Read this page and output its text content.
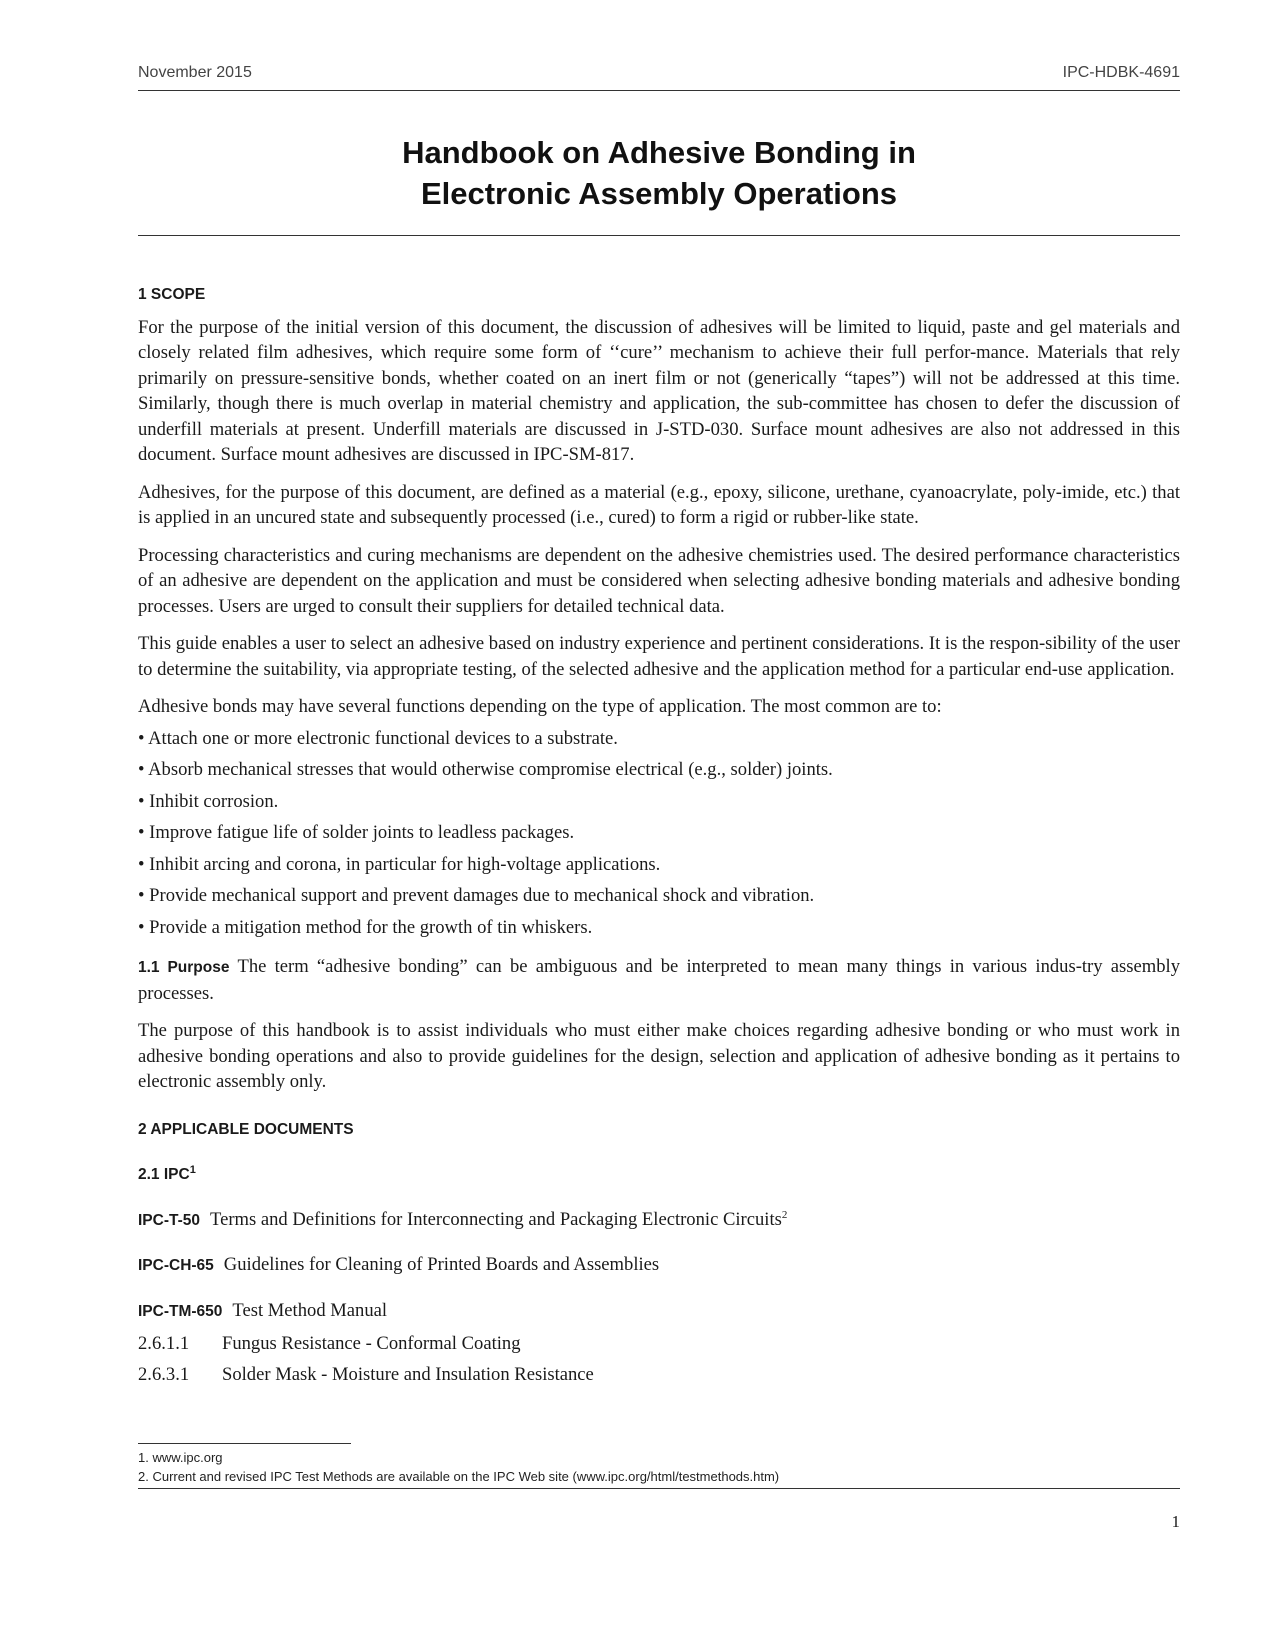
November 2015	IPC-HDBK-4691
Handbook on Adhesive Bonding in
Electronic Assembly Operations
1 SCOPE

For the purpose of the initial version of this document, the discussion of adhesives will be limited to liquid, paste and gel materials and closely related film adhesives, which require some form of ‘‘cure’’ mechanism to achieve their full perfor-mance. Materials that rely primarily on pressure-sensitive bonds, whether coated on an inert film or not (generically “tapes”) will not be addressed at this time. Similarly, though there is much overlap in material chemistry and application, the sub-committee has chosen to defer the discussion of underfill materials at present. Underfill materials are discussed in J-STD-030. Surface mount adhesives are also not addressed in this document. Surface mount adhesives are discussed in IPC-SM-817.

Adhesives, for the purpose of this document, are defined as a material (e.g., epoxy, silicone, urethane, cyanoacrylate, poly-imide, etc.) that is applied in an uncured state and subsequently processed (i.e., cured) to form a rigid or rubber-like state.

Processing characteristics and curing mechanisms are dependent on the adhesive chemistries used. The desired performance characteristics of an adhesive are dependent on the application and must be considered when selecting adhesive bonding materials and adhesive bonding processes. Users are urged to consult their suppliers for detailed technical data.

This guide enables a user to select an adhesive based on industry experience and pertinent considerations. It is the respon-sibility of the user to determine the suitability, via appropriate testing, of the selected adhesive and the application method for a particular end-use application.

Adhesive bonds may have several functions depending on the type of application. The most common are to:

• Attach one or more electronic functional devices to a substrate.
• Absorb mechanical stresses that would otherwise compromise electrical (e.g., solder) joints.
• Inhibit corrosion.
• Improve fatigue life of solder joints to leadless packages.
• Inhibit arcing and corona, in particular for high-voltage applications.
• Provide mechanical support and prevent damages due to mechanical shock and vibration.
• Provide a mitigation method for the growth of tin whiskers.

1.1 Purpose The term “adhesive bonding” can be ambiguous and be interpreted to mean many things in various indus-try assembly processes.

The purpose of this handbook is to assist individuals who must either make choices regarding adhesive bonding or who must work in adhesive bonding operations and also to provide guidelines for the design, selection and application of adhesive bonding as it pertains to electronic assembly only.

2 APPLICABLE DOCUMENTS
2.1 IPC$^1$
IPC-T-50 Terms and Definitions for Interconnecting and Packaging Electronic Circuits$^2$
IPC-CH-65 Guidelines for Cleaning of Printed Boards and Assemblies
IPC-TM-650 Test Method Manual
2.6.1.1 Fungus Resistance - Conformal Coating
2.6.3.1 Solder Mask - Moisture and Insulation Resistance
1. www.ipc.org
2. Current and revised IPC Test Methods are available on the IPC Web site (www.ipc.org/html/testmethods.htm)
1
